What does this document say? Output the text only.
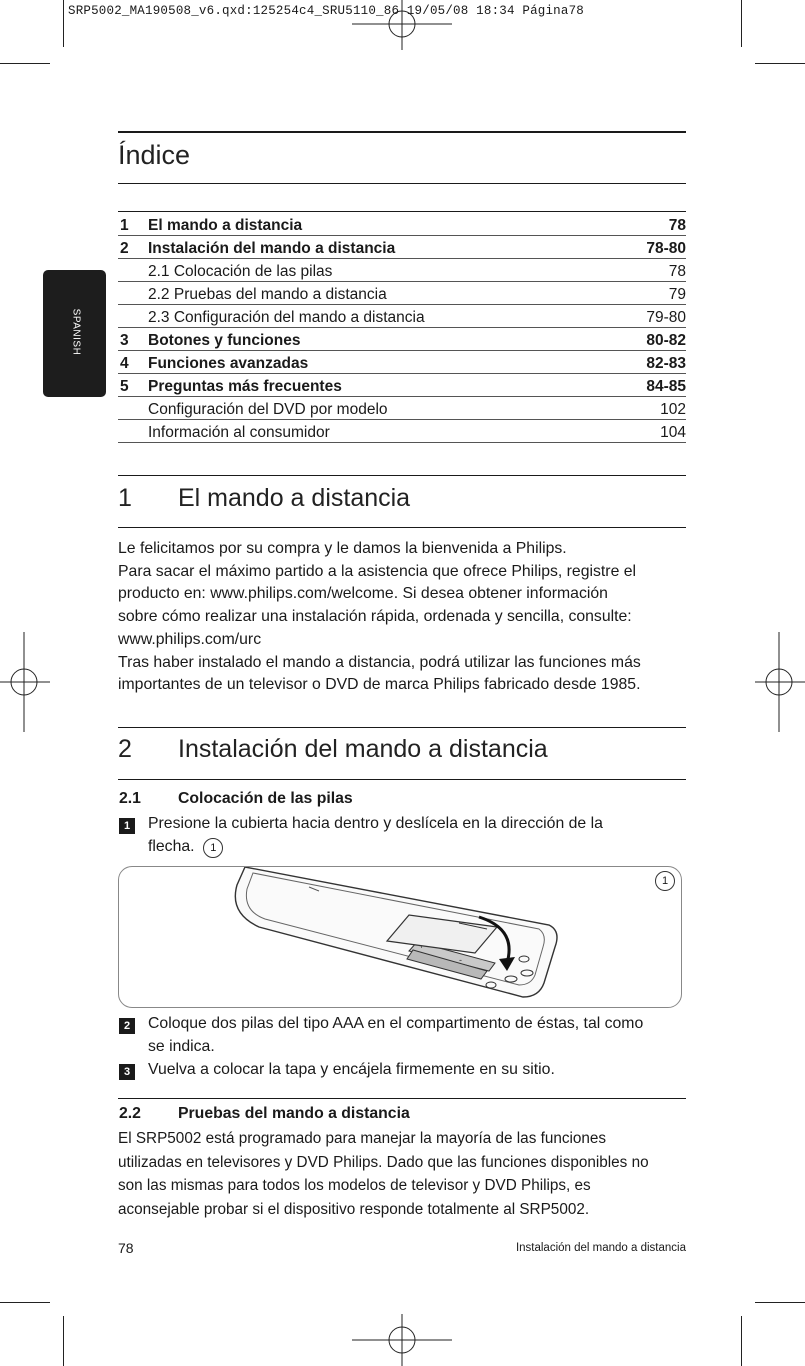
SRP5002_MA190508_v6.qxd:125254c4_SRU5110_86 19/05/08 18:34 Página78
SPANISH
Índice
1 El mando a distancia	78
2 Instalación del mando a distancia	78-80
2.1 Colocación de las pilas	78
2.2 Pruebas del mando a distancia	79
2.3 Configuración del mando a distancia	79-80
3 Botones y funciones	80-82
4 Funciones avanzadas	82-83
5 Preguntas más frecuentes	84-85
Configuración del DVD por modelo	102
Información al consumidor	104
1 El mando a distancia
Le felicitamos por su compra y le damos la bienvenida a Philips.
Para sacar el máximo partido a la asistencia que ofrece Philips, registre el
producto en: www.philips.com/welcome. Si desea obtener información
sobre cómo realizar una instalación rápida, ordenada y sencilla, consulte:
www.philips.com/urc
Tras haber instalado el mando a distancia, podrá utilizar las funciones más
importantes de un televisor o DVD de marca Philips fabricado desde 1985.
2 Instalación del mando a distancia
2.1 Colocación de las pilas
1	Presione la cubierta hacia dentro y deslícela en la dirección de la
flecha. 1
-
1
2	Coloque dos pilas del tipo AAA en el compartimento de éstas, tal como
se indica.
3	Vuelva a colocar la tapa y encájela firmemente en su sitio.
2.2 Pruebas del mando a distancia
El SRP5002 está programado para manejar la mayoría de las funciones
utilizadas en televisores y DVD Philips. Dado que las funciones disponibles no
son las mismas para todos los modelos de televisor y DVD Philips, es
aconsejable probar si el dispositivo responde totalmente al SRP5002.
78	Instalación del mando a distancia
